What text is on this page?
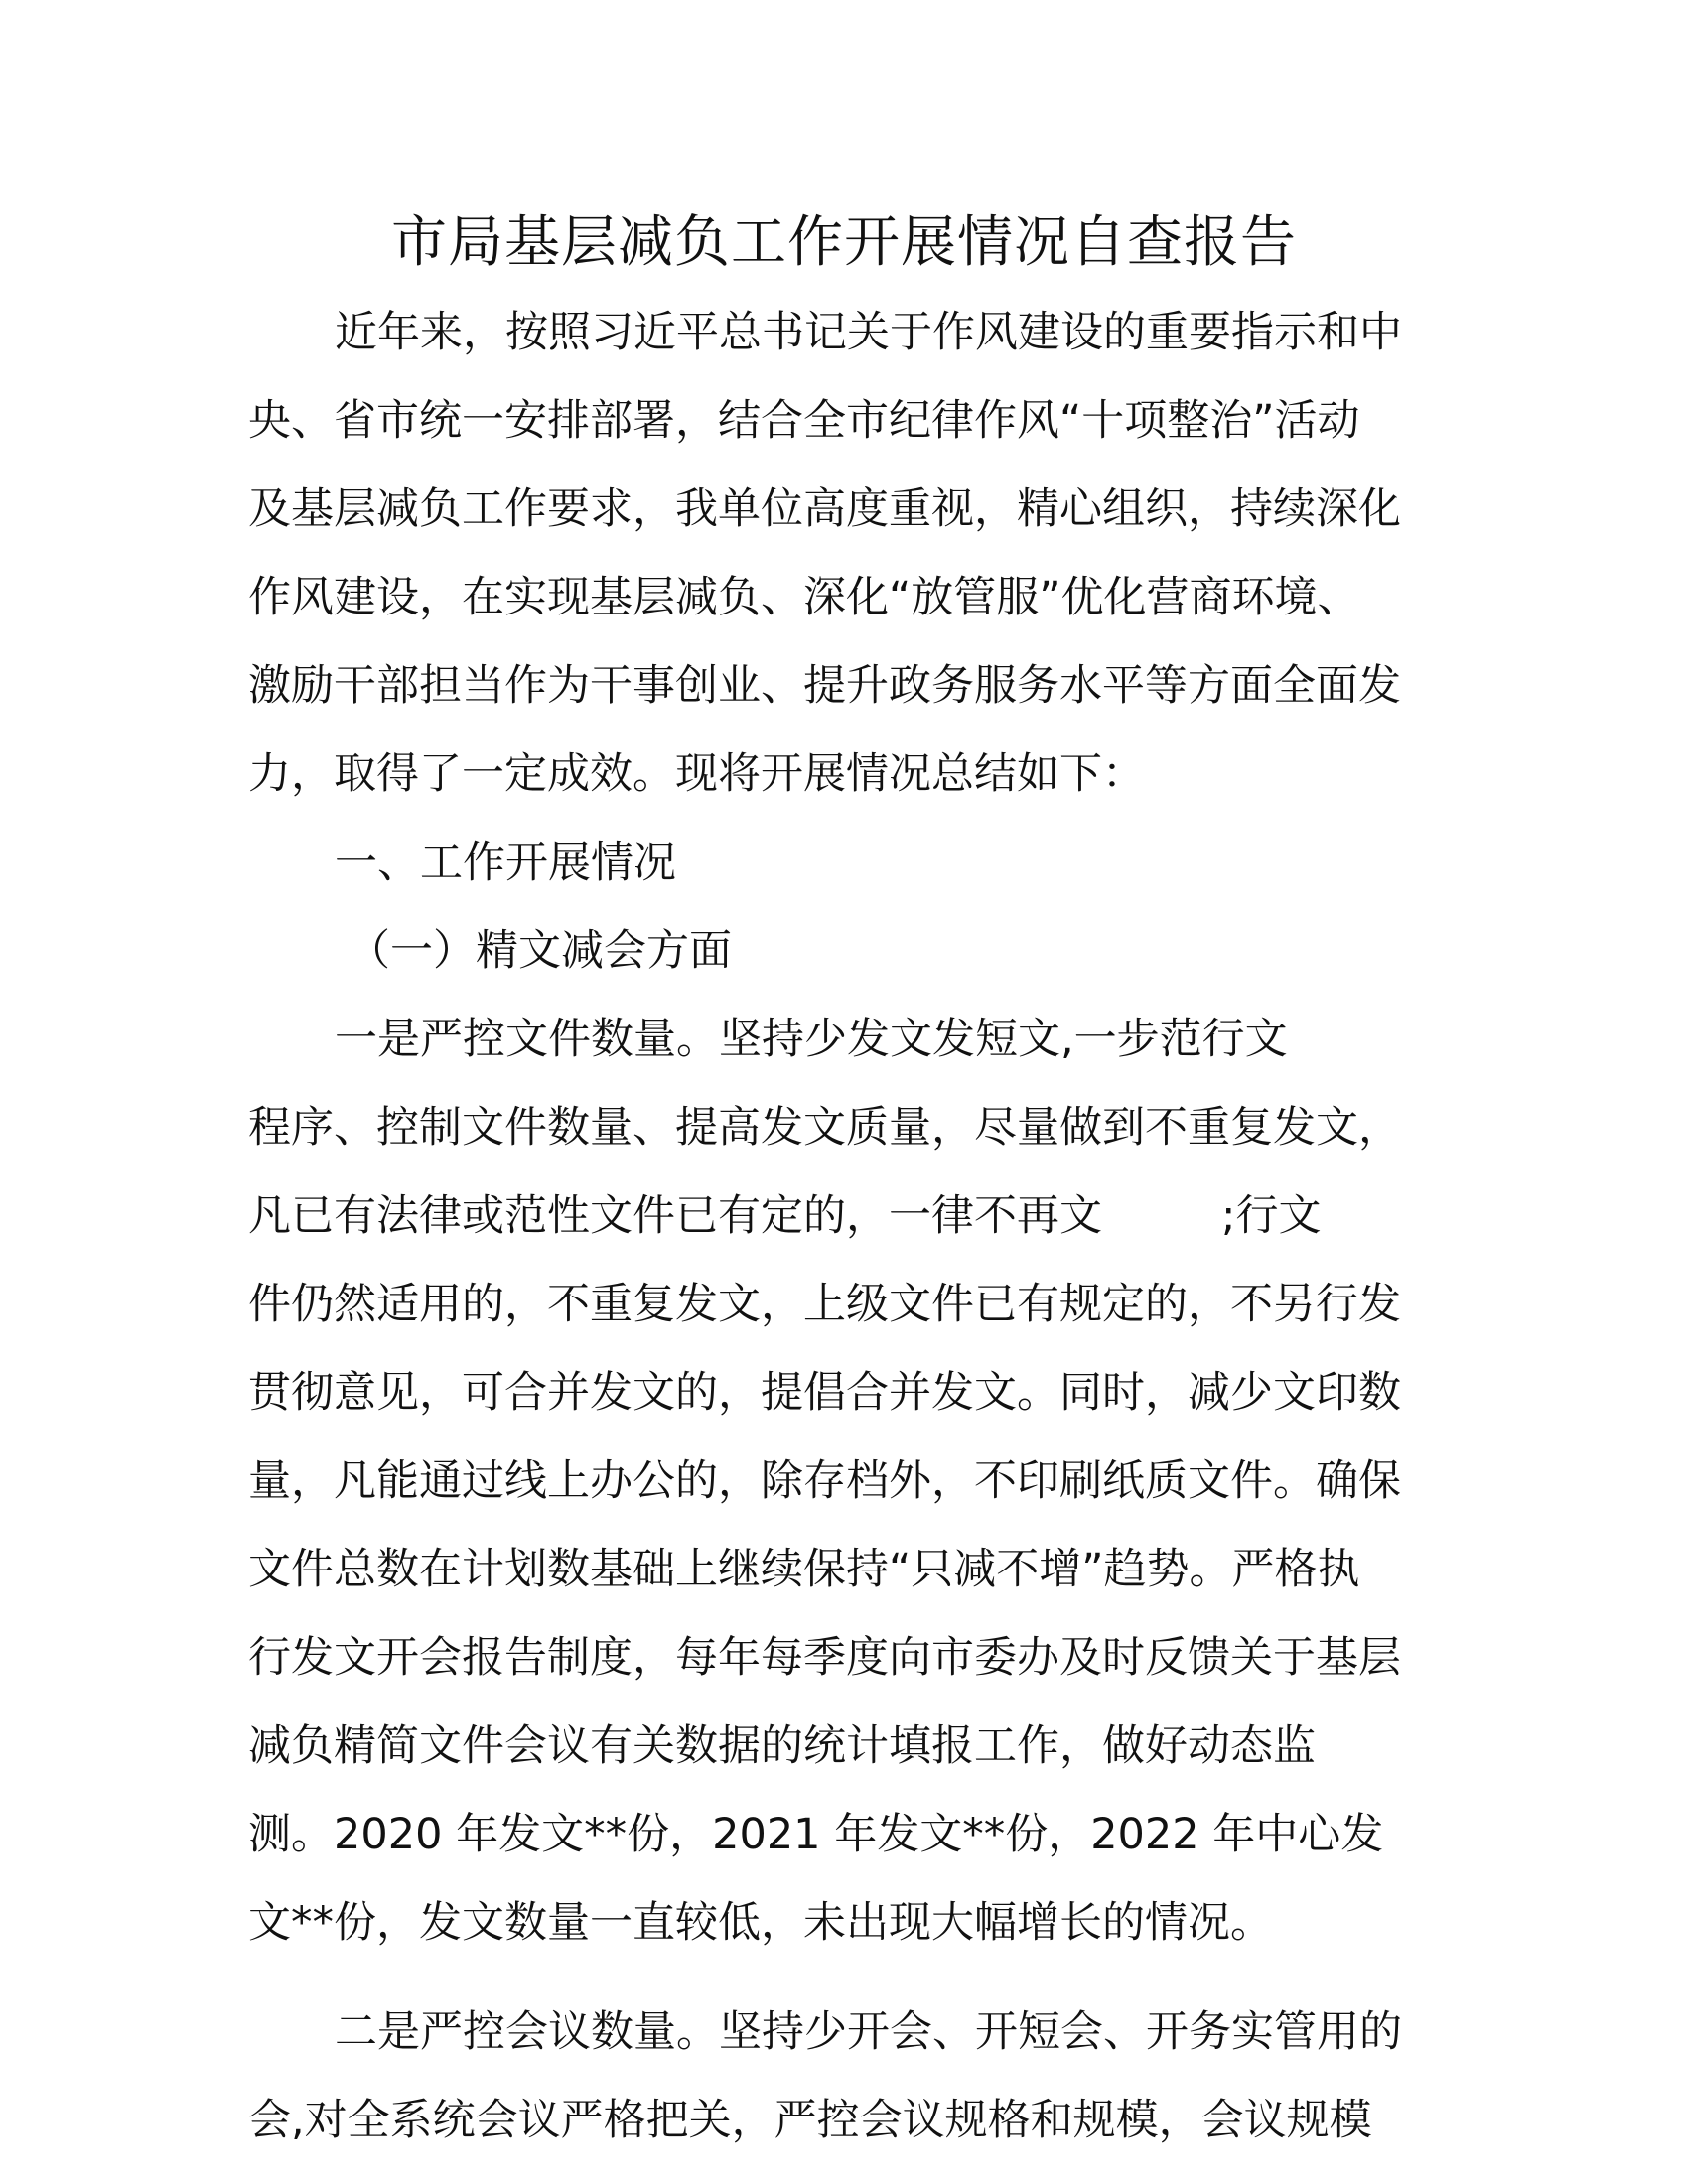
市局基层减负工作开展情况自查报告
近年来，按照习近平总书记关于作风建设的重要指示和中
央、省市统一安排部署，结合全市纪律作风“十项整治”活动
及基层减负工作要求，我单位高度重视，精心组织，持续深化
作风建设，在实现基层减负、深化“放管服”优化营商环境、
激励干部担当作为干事创业、提升政务服务水平等方面全面发
力，取得了一定成效。现将开展情况总结如下：
一、工作开展情况
（一）精文减会方面
一是严控文件数量。坚持少发文发短文,一步范行文
程序、控制文件数量、提高发文质量，尽量做到不重复发文，
凡已有法律或范性文件已有定的，一律不再文	;行文
件仍然适用的，不重复发文，上级文件已有规定的，不另行发
贯彻意见，可合并发文的，提倡合并发文。同时，减少文印数
量，凡能通过线上办公的，除存档外，不印刷纸质文件。确保
文件总数在计划数基础上继续保持“只减不增”趋势。严格执
行发文开会报告制度，每年每季度向市委办及时反馈关于基层
减负精简文件会议有关数据的统计填报工作，做好动态监
测。2020 年发文**份，2021 年发文**份，2022 年中心发
文**份，发文数量一直较低，未出现大幅增长的情况。
二是严控会议数量。坚持少开会、开短会、开务实管用的
会,对全系统会议严格把关，严控会议规格和规模，会议规模
